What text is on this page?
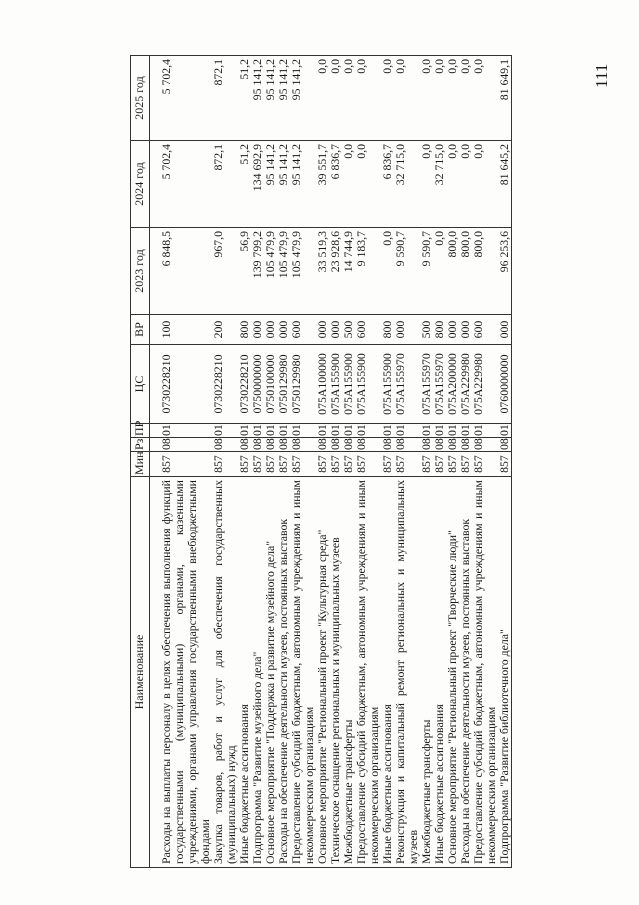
111
Наименование	Мин	Рз	ПР	ЦС	ВР	2023 год	2024 год	2025 год

Расходы на выплаты персоналу в целях обеспечения выполнения функций государственными (муниципальными) органами, казенными учреждениями, органами управления государственными внебюджетными фондами	857	08	01	0730228210	100	6 848,5	5 702,4	5 702,4
Закупка товаров, работ и услуг для обеспечения государственных (муниципальных) нужд	857	08	01	0730228210	200	967,0	872,1	872,1
Иные бюджетные ассигнования	857	08	01	0730228210	800	56,9	51,2	51,2
Подпрограмма "Развитие музейного дела"	857	08	01	0750000000	000	139 799,2	134 692,9	95 141,2
Основное мероприятие "Поддержка и развитие музейного дела"	857	08	01	0750100000	000	105 479,9	95 141,2	95 141,2
Расходы на обеспечение деятельности музеев, постоянных выставок	857	08	01	0750129980	000	105 479,9	95 141,2	95 141,2
Предоставление субсидий бюджетным, автономным учреждениям и иным некоммерческим организациям	857	08	01	0750129980	600	105 479,9	95 141,2	95 141,2
Основное мероприятие "Региональный проект "Культурная среда"	857	08	01	075A100000	000	33 519,3	39 551,7	0,0
Техническое оснащение региональных и муниципальных музеев	857	08	01	075A155900	000	23 928,6	6 836,7	0,0
Межбюджетные трансферты	857	08	01	075A155900	500	14 744,9	0,0	0,0
Предоставление субсидий бюджетным, автономным учреждениям и иным некоммерческим организациям	857	08	01	075A155900	600	9 183,7	0,0	0,0
Иные бюджетные ассигнования	857	08	01	075A155900	800	0,0	6 836,7	0,0
Реконструкция и капитальный ремонт региональных и муниципальных музеев	857	08	01	075A155970	000	9 590,7	32 715,0	0,0
Межбюджетные трансферты	857	08	01	075A155970	500	9 590,7	0,0	0,0
Иные бюджетные ассигнования	857	08	01	075A155970	800	0,0	32 715,0	0,0
Основное мероприятие "Региональный проект "Творческие люди"	857	08	01	075A200000	000	800,0	0,0	0,0
Расходы на обеспечение деятельности музеев, постоянных выставок	857	08	01	075A229980	000	800,0	0,0	0,0
Предоставление субсидий бюджетным, автономным учреждениям и иным некоммерческим организациям	857	08	01	075A229980	600	800,0	0,0	0,0
Подпрограмма "Развитие библиотечного дела"	857	08	01	0760000000	000	96 253,6	81 645,2	81 649,1
